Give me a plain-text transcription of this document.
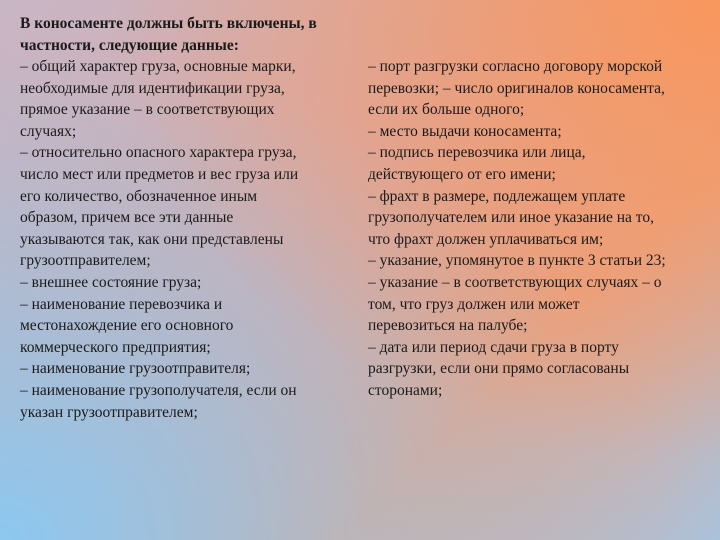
В коносаменте должны быть включены, в
частности, следующие данные:
– общий характер груза, основные марки,
необходимые для идентификации груза,
прямое указание – в соответствующих
случаях;
– относительно опасного характера груза,
число мест или предметов и вес груза или
его количество, обозначенное иным
образом, причем все эти данные
указываются так, как они представлены
грузоотправителем;
– внешнее состояние груза;
– наименование перевозчика и
местонахождение его основного
коммерческого предприятия;
– наименование грузоотправителя;
– наименование грузополучателя, если он
указан грузоотправителем;
– порт разгрузки согласно договору морской
перевозки; – число оригиналов коносамента,
если их больше одного;
– место выдачи коносамента;
– подпись перевозчика или лица,
действующего от его имени;
– фрахт в размере, подлежащем уплате
грузополучателем или иное указание на то,
что фрахт должен уплачиваться им;
– указание, упомянутое в пункте 3 статьи 23;
– указание – в соответствующих случаях – о
том, что груз должен или может
перевозиться на палубе;
– дата или период сдачи груза в порту
разгрузки, если они прямо согласованы
сторонами;
